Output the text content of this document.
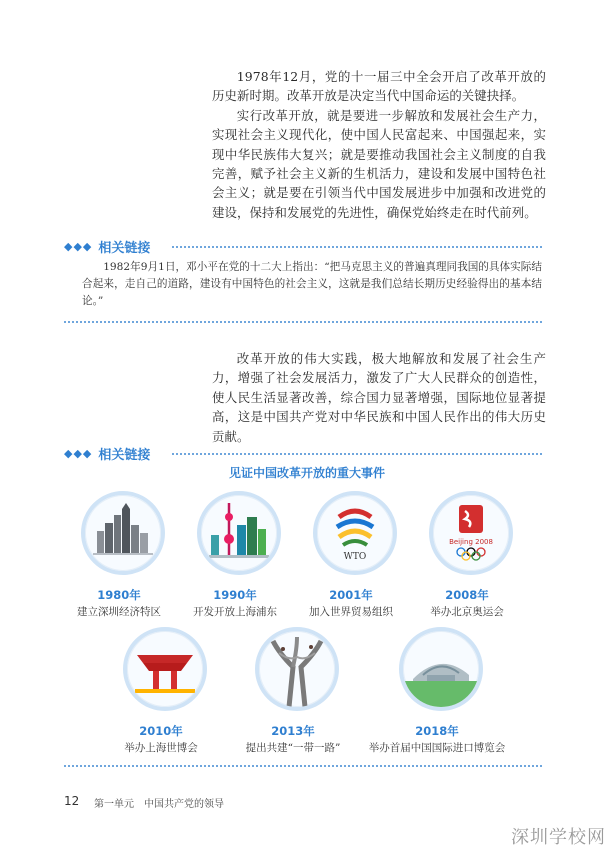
1978年12月，党的十一届三中全会开启了改革开放的历史新时期。改革开放是决定当代中国命运的关键抉择。

实行改革开放，就是要进一步解放和发展社会生产力，实现社会主义现代化，使中国人民富起来、中国强起来，实现中华民族伟大复兴；就是要推动我国社会主义制度的自我完善，赋予社会主义新的生机活力，建设和发展中国特色社会主义；就是要在引领当代中国发展进步中加强和改进党的建设，保持和发展党的先进性，确保党始终走在时代前列。

◆◆◆ 相关链接

1982年9月1日，邓小平在党的十二大上指出：“把马克思主义的普遍真理同我国的具体实际结合起来，走自己的道路，建设有中国特色的社会主义，这就是我们总结长期历史经验得出的基本结论。”

改革开放的伟大实践，极大地解放和发展了社会生产力，增强了社会发展活力，激发了广大人民群众的创造性，使人民生活显著改善，综合国力显著增强，国际地位显著提高，这是中国共产党对中华民族和中国人民作出的伟大历史贡献。

◆◆◆ 相关链接
见证中国改革开放的重大事件
1980年
建立深圳经济特区
1990年
开发开放上海浦东
WTO
2001年
加入世界贸易组织
Beijing 2008
2008年
举办北京奥运会
2010年
举办上海世博会
2013年
提出共建“一带一路”
2018年
举办首届中国国际进口博览会
12 第一单元　中国共产党的领导
深圳学校网
